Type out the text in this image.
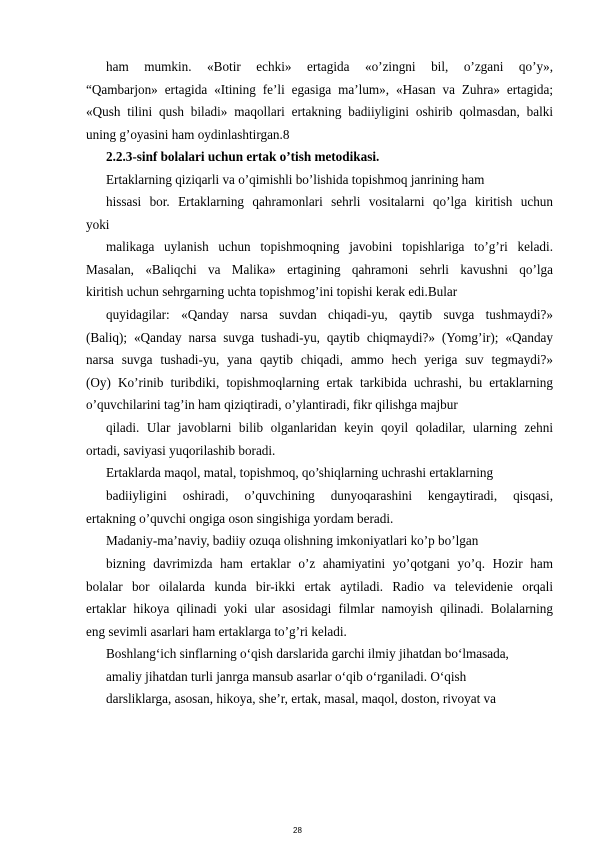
ham mumkin. «Botir echki» ertagida «o’zingni bil, o’zgani qo’y»,
“Qambarjon» ertagida «Itining fe’li egasiga ma’lum», «Hasan va Zuhra» ertagida;
«Qush tilini qush biladi» maqollari ertakning badiiyligini oshirib qolmasdan, balki
uning g’oyasini ham oydinlashtirgan.8

2.2.3-sinf bolalari uchun ertak o’tish metodikasi.

Ertaklarning qiziqarli va o’qimishli bo’lishida topishmoq janrining ham

hissasi bor. Ertaklarning qahramonlari sehrli vositalarni qo’lga kiritish uchun
yoki

malikaga uylanish uchun topishmoqning javobini topishlariga to’g’ri keladi.
Masalan, «Baliqchi va Malika» ertagining qahramoni sehrli kavushni qo’lga
kiritish uchun sehrgarning uchta topishmog’ini topishi kerak edi.Bular

quyidagilar: «Qanday narsa suvdan chiqadi-yu, qaytib suvga tushmaydi?»
(Baliq); «Qanday narsa suvga tushadi-yu, qaytib chiqmaydi?» (Yomg’ir); «Qanday
narsa suvga tushadi-yu, yana qaytib chiqadi, ammo hech yeriga suv tegmaydi?»
(Oy) Ko’rinib turibdiki, topishmoqlarning ertak tarkibida uchrashi, bu ertaklarning
o’quvchilarini tag’in ham qiziqtiradi, o’ylantiradi, fikr qilishga majbur

qiladi. Ular javoblarni bilib olganlaridan keyin qoyil qoladilar, ularning zehni
ortadi, saviyasi yuqorilashib boradi.

Ertaklarda maqol, matal, topishmoq, qo’shiqlarning uchrashi ertaklarning

badiiyligini oshiradi, o’quvchining dunyoqarashini kengaytiradi, qisqasi,
ertakning o’quvchi ongiga oson singishiga yordam beradi.

Madaniy-ma’naviy, badiiy ozuqa olishning imkoniyatlari ko’p bo’lgan

bizning davrimizda ham ertaklar o’z ahamiyatini yo’qotgani yo’q. Hozir ham
bolalar bor oilalarda kunda bir-ikki ertak aytiladi. Radio va televidenie orqali
ertaklar hikoya qilinadi yoki ular asosidagi filmlar namoyish qilinadi. Bolalarning
eng sevimli asarlari ham ertaklarga to’g’ri keladi.

Boshlang‘ich sinflarning o‘qish darslarida garchi ilmiy jihatdan bo‘lmasada,

amaliy jihatdan turli janrga mansub asarlar o‘qib o‘rganiladi. O‘qish

darsliklarga, asosan, hikoya, she’r, ertak, masal, maqol, doston, rivoyat va

28
